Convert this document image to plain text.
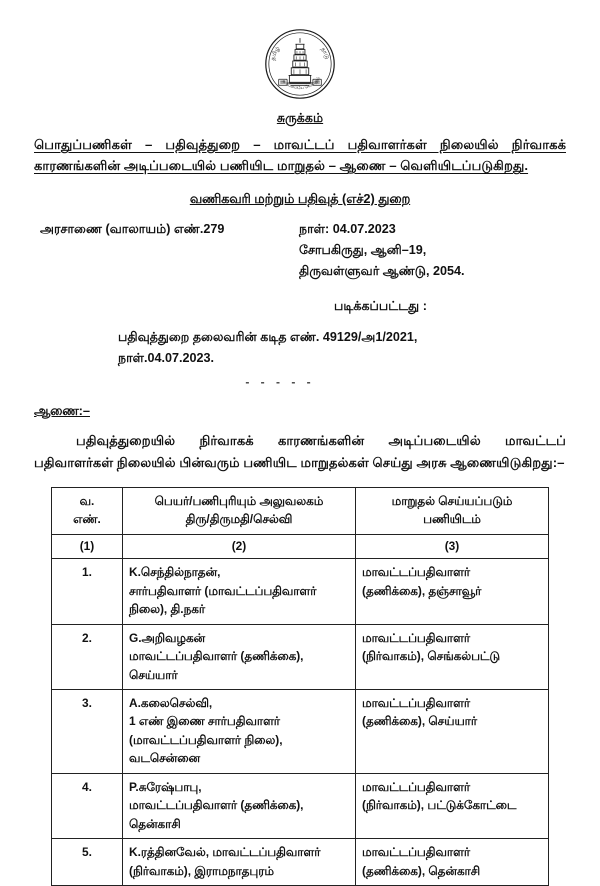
தமிழ்	நாடு
வாய்மையே வெல்லும்
சுருக்கம்
பொதுப்பணிகள் – பதிவுத்துறை – மாவட்டப் பதிவாளர்கள் நிலையில் நிர்வாகக் காரணங்களின் அடிப்படையில் பணியிட மாறுதல் – ஆணை – வெளியிடப்படுகிறது.
வணிகவரி மற்றும் பதிவுத் (எச்2) துறை
அரசாணை (வாலாயம்) எண்.279	நாள்: 04.07.2023
சோபகிருது, ஆனி–19,
திருவள்ளுவர் ஆண்டு, 2054.
படிக்கப்பட்டது :
பதிவுத்துறை தலைவரின் கடித எண். 49129/அ1/2021,
நாள்.04.07.2023.
- - - - -
ஆணை:–
பதிவுத்துறையில் நிர்வாகக் காரணங்களின் அடிப்படையில் மாவட்டப் பதிவாளர்கள் நிலையில் பின்வரும் பணியிட மாறுதல்கள் செய்து அரசு ஆணையிடுகிறது:–
வ.
எண்.	பெயர்/பணிபுரியும் அலுவலகம்
திரு/திருமதி/செல்வி	மாறுதல் செய்யப்படும்
பணியிடம்

(1)	(2)	(3)
1.	K.செந்தில்நாதன்,
சார்பதிவாளர் (மாவட்டப்பதிவாளர்
நிலை), தி.நகர்	மாவட்டப்பதிவாளர்
(தணிக்கை), தஞ்சாவூர்

2.	G.அறிவழகன்
மாவட்டப்பதிவாளர் (தணிக்கை),
செய்யார்	மாவட்டப்பதிவாளர்
(நிர்வாகம்), செங்கல்பட்டு

3.	A.கலைசெல்வி,
1 எண் இணை சார்பதிவாளர்
(மாவட்டப்பதிவாளர் நிலை),
வடசென்னை	மாவட்டப்பதிவாளர்
(தணிக்கை), செய்யார்

4.	P.சுரேஷ்பாபு,
மாவட்டப்பதிவாளர் (தணிக்கை),
தென்காசி	மாவட்டப்பதிவாளர்
(நிர்வாகம்), பட்டுக்கோட்டை

5.	K.ரத்தினவேல், மாவட்டப்பதிவாளர்
(நிர்வாகம்), இராமநாதபுரம்	மாவட்டப்பதிவாளர்
(தணிக்கை), தென்காசி
